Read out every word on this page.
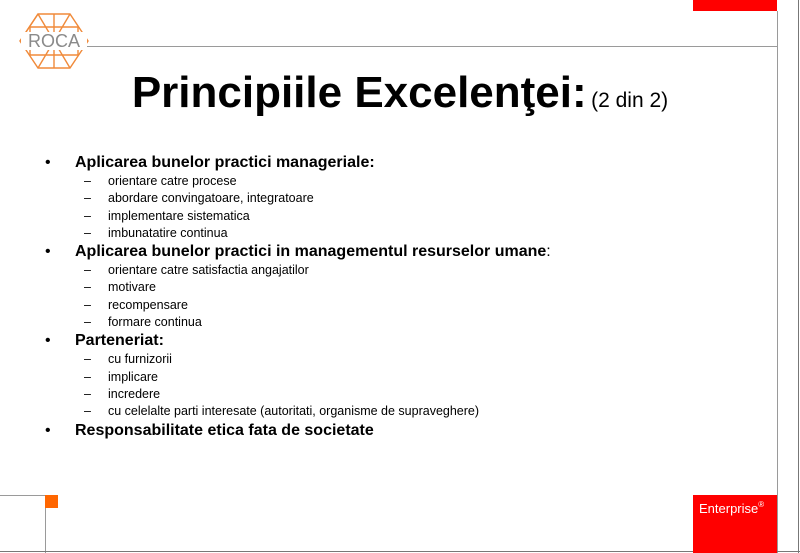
ROCA
Principiile Excelenţei: (2 din 2)
• Aplicarea bunelor practici manageriale:
– orientare catre procese
– abordare convingatoare, integratoare
– implementare sistematica
– imbunatatire continua
• Aplicarea bunelor practici in managementul resurselor umane:
– orientare catre satisfactia angajatilor
– motivare
– recompensare
– formare continua
• Parteneriat:
– cu furnizorii
– implicare
– incredere
– cu celelalte parti interesate (autoritati, organisme de supraveghere)
• Responsabilitate etica fata de societate
Enterprise®
